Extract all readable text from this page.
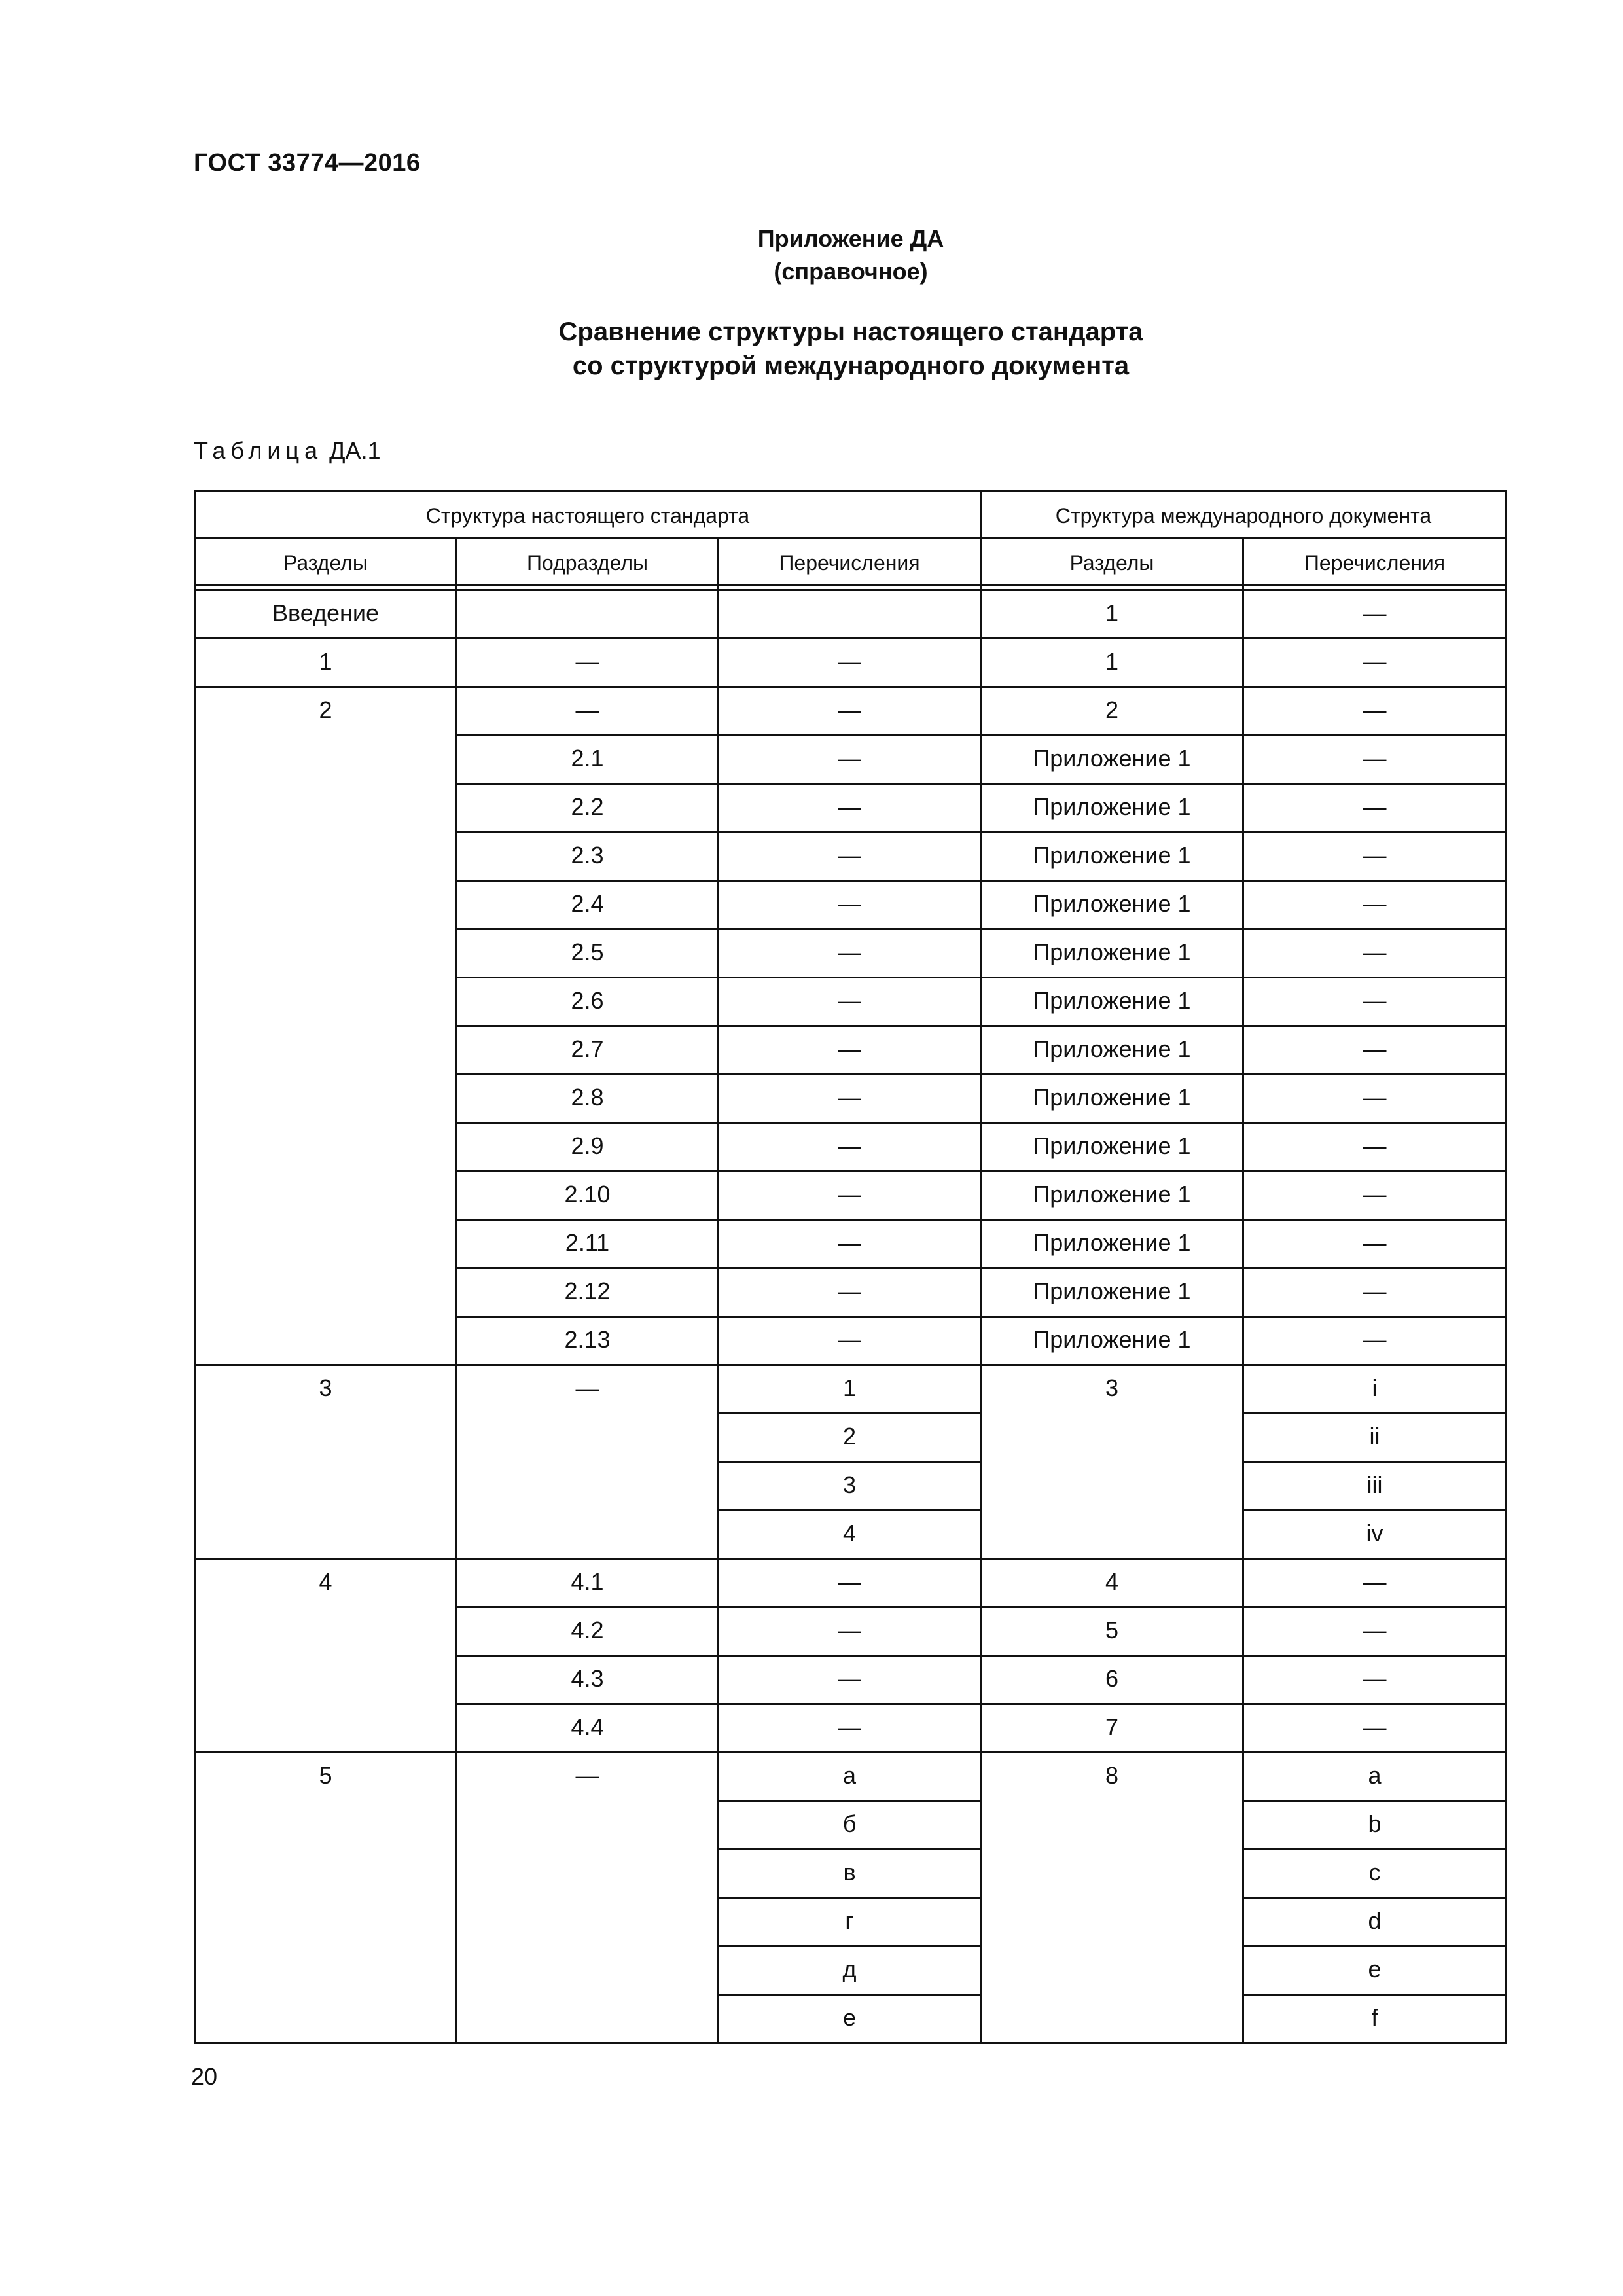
ГОСТ 33774—2016
Приложение ДА
(справочное)
Сравнение структуры настоящего стандарта
со структурой международного документа
Таблица ДА.1
Структура настоящего стандарта			Структура международного документа	
Разделы	Подразделы	Перечисления	Разделы	Перечисления

Введение			1	—
1	—	—	1	—
2	—	—	2	—
	2.1	—	Приложение 1	—
	2.2	—	Приложение 1	—
	2.3	—	Приложение 1	—
	2.4	—	Приложение 1	—
	2.5	—	Приложение 1	—
	2.6	—	Приложение 1	—
	2.7	—	Приложение 1	—
	2.8	—	Приложение 1	—
	2.9	—	Приложение 1	—
	2.10	—	Приложение 1	—
	2.11	—	Приложение 1	—
	2.12	—	Приложение 1	—
	2.13	—	Приложение 1	—
3	—	1	3	i
		2		ii
		3		iii
		4		iv
4	4.1	—	4	—
	4.2	—	5	—
	4.3	—	6	—
	4.4	—	7	—
5	—	а	8	a
		б		b
		в		c
		г		d
		д		e
		е		f
20
